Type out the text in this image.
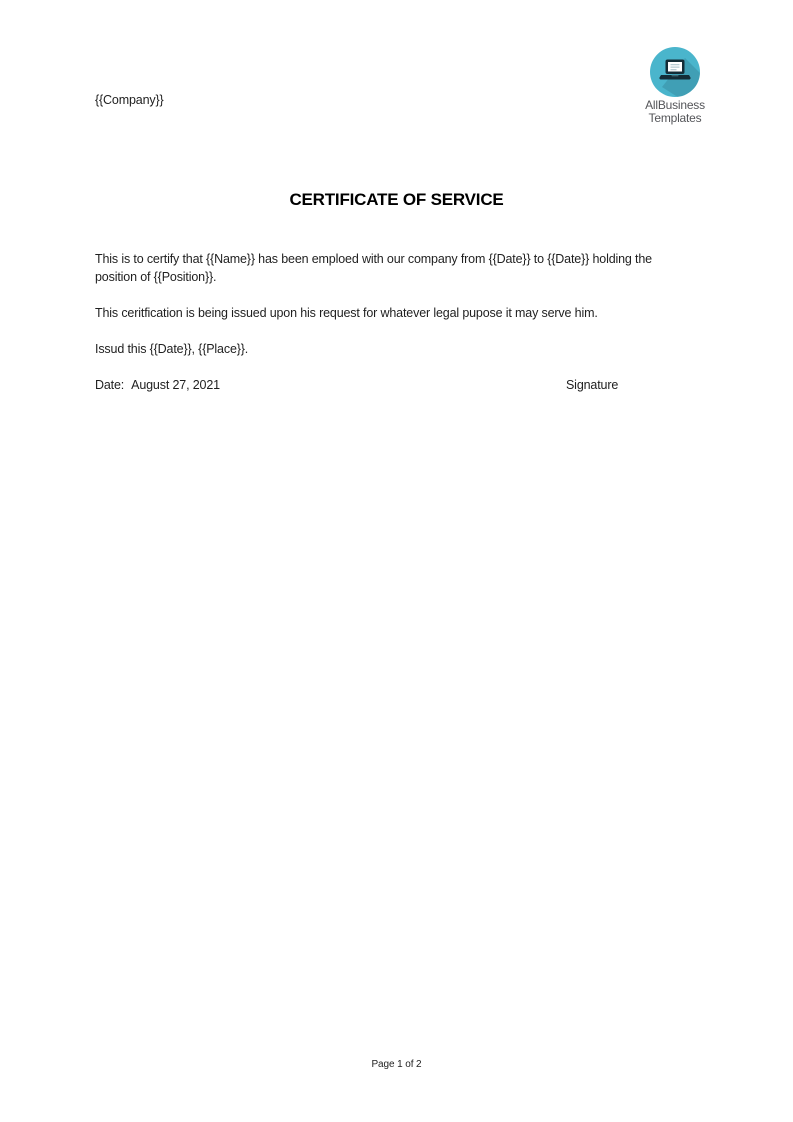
{{Company}}	AllBusiness
Templates
CERTIFICATE OF SERVICE

This is to certify that {{Name}} has been emploed with our company from {{Date}} to {{Date}} holding the position of {{Position}}.

This ceritfication is being issued upon his request for whatever legal pupose it may serve him.

Issud this {{Date}}, {{Place}}.

Date: August 27, 2021	Signature
Page 1 of 2
